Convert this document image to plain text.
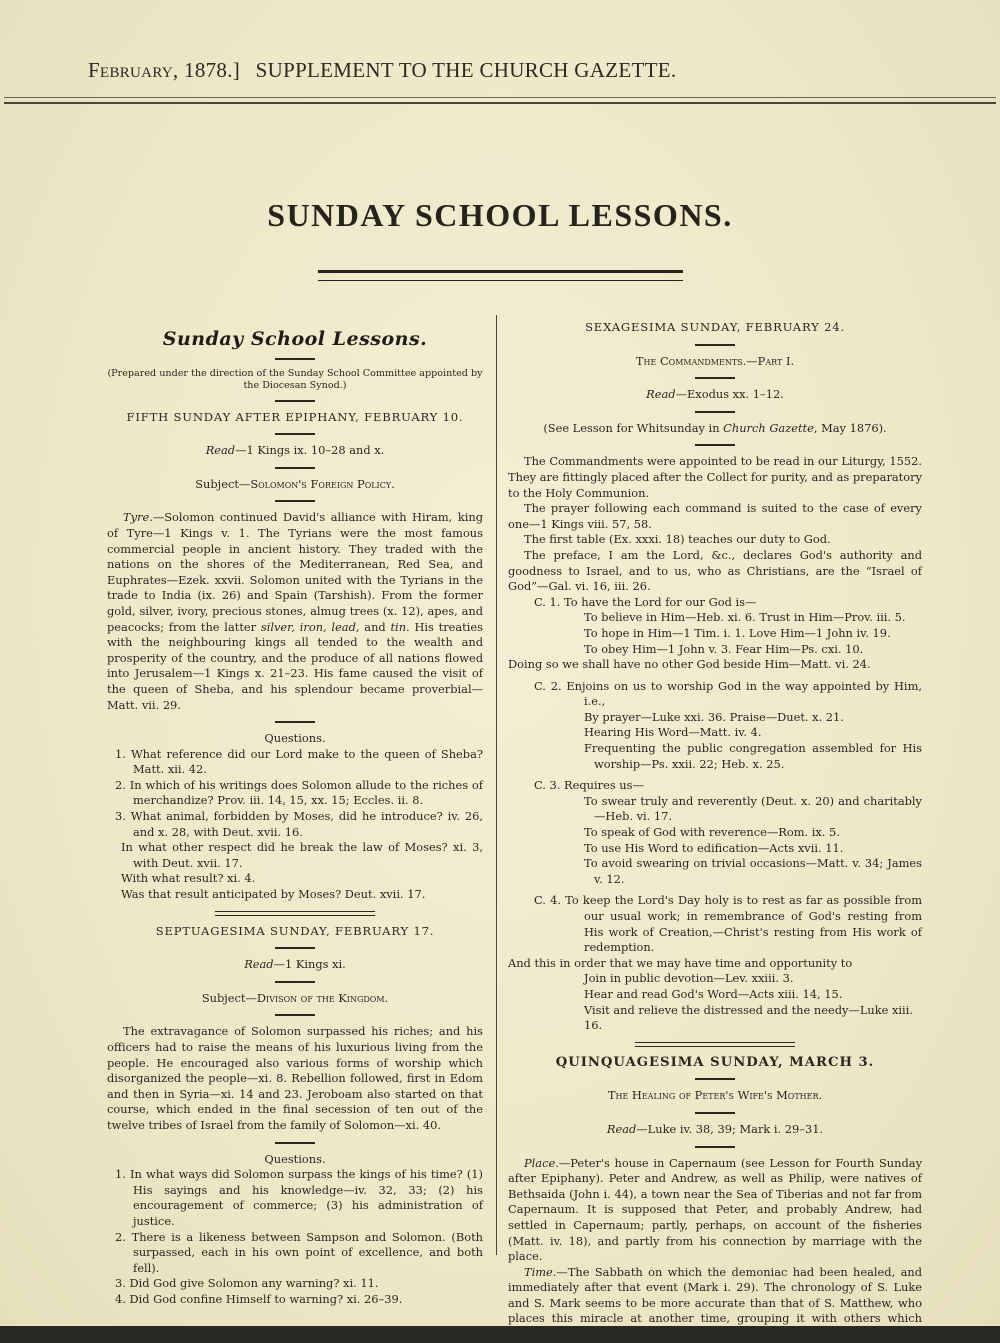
February, 1878.] SUPPLEMENT TO THE CHURCH GAZETTE.
SUNDAY SCHOOL LESSONS.
Sunday School Lessons.
(Prepared under the direction of the Sunday School Committee appointed by the Diocesan Synod.)
FIFTH SUNDAY AFTER EPIPHANY, FEBRUARY 10.
Read—1 Kings ix. 10–28 and x.
Subject—Solomon's Foreign Policy.

Tyre.—Solomon continued David's alliance with Hiram, king of Tyre—1 Kings v. 1. The Tyrians were the most famous commercial people in ancient history. They traded with the nations on the shores of the Mediterranean, Red Sea, and Euphrates—Ezek. xxvii. Solomon united with the Tyrians in the trade to India (ix. 26) and Spain (Tarshish). From the former gold, silver, ivory, precious stones, almug trees (x. 12), apes, and peacocks; from the latter silver, iron, lead, and tin. His treaties with the neighbouring kings all tended to the wealth and prosperity of the country, and the produce of all nations flowed into Jerusalem—1 Kings x. 21–23. His fame caused the visit of the queen of Sheba, and his splendour became proverbial—Matt. vii. 29.

Questions.
1. What reference did our Lord make to the queen of Sheba? Matt. xii. 42.
2. In which of his writings does Solomon allude to the riches of merchandize? Prov. iii. 14, 15, xx. 15; Eccles. ii. 8.
3. What animal, forbidden by Moses, did he introduce? iv. 26, and x. 28, with Deut. xvii. 16.
In what other respect did he break the law of Moses? xi. 3, with Deut. xvii. 17.
With what result? xi. 4.
Was that result anticipated by Moses? Deut. xvii. 17.
SEPTUAGESIMA SUNDAY, FEBRUARY 17.
Read—1 Kings xi.
Subject—Divison of the Kingdom.

The extravagance of Solomon surpassed his riches; and his officers had to raise the means of his luxurious living from the people. He encouraged also various forms of worship which disorganized the people—xi. 8. Rebellion followed, first in Edom and then in Syria—xi. 14 and 23. Jeroboam also started on that course, which ended in the final secession of ten out of the twelve tribes of Israel from the family of Solomon—xi. 40.

Questions.
1. In what ways did Solomon surpass the kings of his time? (1) His sayings and his knowledge—iv. 32, 33; (2) his encouragement of commerce; (3) his administration of justice.
2. There is a likeness between Sampson and Solomon. (Both surpassed, each in his own point of excellence, and both fell).
3. Did God give Solomon any warning? xi. 11.
4. Did God confine Himself to warning? xi. 26–39.
SEXAGESIMA SUNDAY, FEBRUARY 24.
The Commandments.—Part I.
Read—Exodus xx. 1–12.
(See Lesson for Whitsunday in Church Gazette, May 1876).

The Commandments were appointed to be read in our Liturgy, 1552. They are fittingly placed after the Collect for purity, and as preparatory to the Holy Communion.

The prayer following each command is suited to the case of every one—1 Kings viii. 57, 58.

The first table (Ex. xxxi. 18) teaches our duty to God.

The preface, I am the Lord, &c., declares God's authority and goodness to Israel, and to us, who as Christians, are the “Israel of God”—Gal. vi. 16, iii. 26.

C. 1. To have the Lord for our God is—
To believe in Him—Heb. xi. 6. Trust in Him—Prov. iii. 5.
To hope in Him—1 Tim. i. 1. Love Him—1 John iv. 19.
To obey Him—1 John v. 3. Fear Him—Ps. cxi. 10.
Doing so we shall have no other God beside Him—Matt. vi. 24.
C. 2. Enjoins on us to worship God in the way appointed by Him, i.e.,
By prayer—Luke xxi. 36. Praise—Duet. x. 21.
Hearing His Word—Matt. iv. 4.
Frequenting the public congregation assembled for His worship—Ps. xxii. 22; Heb. x. 25.
C. 3. Requires us—
To swear truly and reverently (Deut. x. 20) and charitably—Heb. vi. 17.
To speak of God with reverence—Rom. ix. 5.
To use His Word to edification—Acts xvii. 11.
To avoid swearing on trivial occasions—Matt. v. 34; James v. 12.
C. 4. To keep the Lord's Day holy is to rest as far as possible from our usual work; in remembrance of God's resting from His work of Creation,—Christ's resting from His work of redemption.
And this in order that we may have time and opportunity to
Join in public devotion—Lev. xxiii. 3.
Hear and read God's Word—Acts xiii. 14, 15.
Visit and relieve the distressed and the needy—Luke xiii. 16.
QUINQUAGESIMA SUNDAY, MARCH 3.
The Healing of Peter's Wife's Mother.
Read—Luke iv. 38, 39; Mark i. 29–31.

Place.—Peter's house in Capernaum (see Lesson for Fourth Sunday after Epiphany). Peter and Andrew, as well as Philip, were natives of Bethsaida (John i. 44), a town near the Sea of Tiberias and not far from Capernaum. It is supposed that Peter, and probably Andrew, had settled in Capernaum; partly, perhaps, on account of the fisheries (Matt. iv. 18), and partly from his connection by marriage with the place.

Time.—The Sabbath on which the demoniac had been healed, and immediately after that event (Mark i. 29). The chronology of S. Luke and S. Mark seems to be more accurate than that of S. Matthew, who places this miracle at another time, grouping it with others which occurred at the same place, according to his custom.
